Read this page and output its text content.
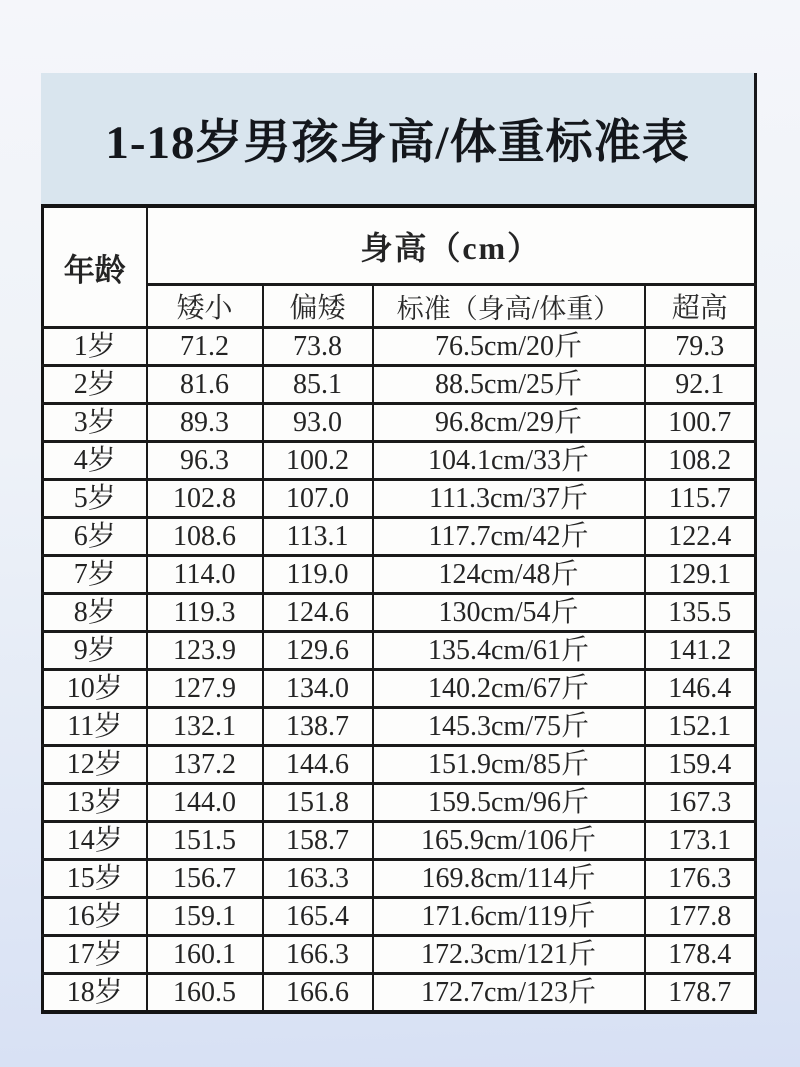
1-18岁男孩身高/体重标准表
年龄	身高（cm）			
	矮小	偏矮	标准（身高/体重）	超高
1岁	71.2	73.8	76.5cm/20斤	79.3
2岁	81.6	85.1	88.5cm/25斤	92.1
3岁	89.3	93.0	96.8cm/29斤	100.7
4岁	96.3	100.2	104.1cm/33斤	108.2
5岁	102.8	107.0	111.3cm/37斤	115.7
6岁	108.6	113.1	117.7cm/42斤	122.4
7岁	114.0	119.0	124cm/48斤	129.1
8岁	119.3	124.6	130cm/54斤	135.5
9岁	123.9	129.6	135.4cm/61斤	141.2
10岁	127.9	134.0	140.2cm/67斤	146.4
11岁	132.1	138.7	145.3cm/75斤	152.1
12岁	137.2	144.6	151.9cm/85斤	159.4
13岁	144.0	151.8	159.5cm/96斤	167.3
14岁	151.5	158.7	165.9cm/106斤	173.1
15岁	156.7	163.3	169.8cm/114斤	176.3
16岁	159.1	165.4	171.6cm/119斤	177.8
17岁	160.1	166.3	172.3cm/121斤	178.4
18岁	160.5	166.6	172.7cm/123斤	178.7
